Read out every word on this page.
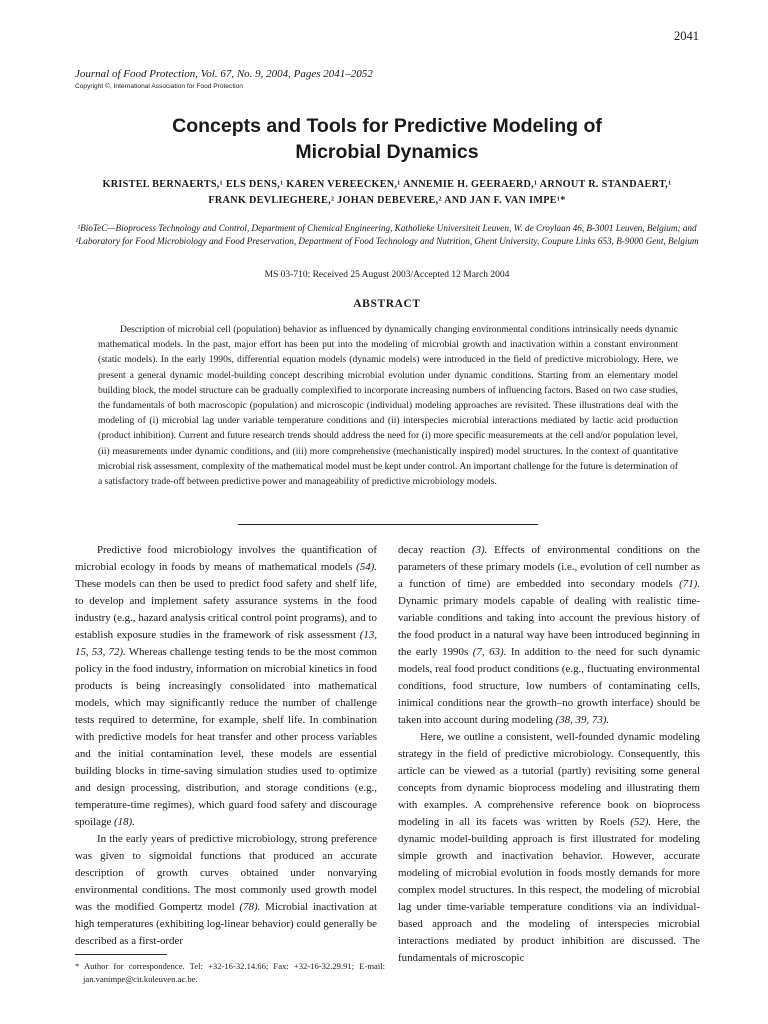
2041
Journal of Food Protection, Vol. 67, No. 9, 2004, Pages 2041–2052
Copyright ©, International Association for Food Protection
Concepts and Tools for Predictive Modeling of
Microbial Dynamics
KRISTEL BERNAERTS,¹ ELS DENS,¹ KAREN VEREECKEN,¹ ANNEMIE H. GEERAERD,¹ ARNOUT R. STANDAERT,¹
FRANK DEVLIEGHERE,² JOHAN DEBEVERE,² AND JAN F. VAN IMPE¹*
¹BioTeC—Bioprocess Technology and Control, Department of Chemical Engineering, Katholieke Universiteit Leuven, W. de Croylaan 46, B-3001 Leuven, Belgium; and ²Laboratory for Food Microbiology and Food Preservation, Department of Food Technology and Nutrition, Ghent University, Coupure Links 653, B-9000 Gent, Belgium
MS 03-710: Received 25 August 2003/Accepted 12 March 2004
ABSTRACT

Description of microbial cell (population) behavior as influenced by dynamically changing environmental conditions intrinsically needs dynamic mathematical models. In the past, major effort has been put into the modeling of microbial growth and inactivation within a constant environment (static models). In the early 1990s, differential equation models (dynamic models) were introduced in the field of predictive microbiology. Here, we present a general dynamic model-building concept describing microbial evolution under dynamic conditions. Starting from an elementary model building block, the model structure can be gradually complexified to incorporate increasing numbers of influencing factors. Based on two case studies, the fundamentals of both macroscopic (population) and microscopic (individual) modeling approaches are revisited. These illustrations deal with the modeling of (i) microbial lag under variable temperature conditions and (ii) interspecies microbial interactions mediated by lactic acid production (product inhibition). Current and future research trends should address the need for (i) more specific measurements at the cell and/or population level, (ii) measurements under dynamic conditions, and (iii) more comprehensive (mechanistically inspired) model structures. In the context of quantitative microbial risk assessment, complexity of the mathematical model must be kept under control. An important challenge for the future is determination of a satisfactory trade-off between predictive power and manageability of predictive microbiology models.

Predictive food microbiology involves the quantification of microbial ecology in foods by means of mathematical models (54). These models can then be used to predict food safety and shelf life, to develop and implement safety assurance systems in the food industry (e.g., hazard analysis critical control point programs), and to establish exposure studies in the framework of risk assessment (13, 15, 53, 72). Whereas challenge testing tends to be the most common policy in the food industry, information on microbial kinetics in food products is being increasingly consolidated into mathematical models, which may significantly reduce the number of challenge tests required to determine, for example, shelf life. In combination with predictive models for heat transfer and other process variables and the initial contamination level, these models are essential building blocks in time-saving simulation studies used to optimize and design processing, distribution, and storage conditions (e.g., temperature-time regimes), which guard food safety and discourage spoilage (18).

In the early years of predictive microbiology, strong preference was given to sigmoidal functions that produced an accurate description of growth curves obtained under nonvarying environmental conditions. The most commonly used growth model was the modified Gompertz model (78). Microbial inactivation at high temperatures (exhibiting log-linear behavior) could generally be described as a first-order

decay reaction (3). Effects of environmental conditions on the parameters of these primary models (i.e., evolution of cell number as a function of time) are embedded into secondary models (71). Dynamic primary models capable of dealing with realistic time-variable conditions and taking into account the previous history of the food product in a natural way have been introduced beginning in the early 1990s (7, 63). In addition to the need for such dynamic models, real food product conditions (e.g., fluctuating environmental conditions, food structure, low numbers of contaminating cells, inimical conditions near the growth–no growth interface) should be taken into account during modeling (38, 39, 73).

Here, we outline a consistent, well-founded dynamic modeling strategy in the field of predictive microbiology. Consequently, this article can be viewed as a tutorial (partly) revisiting some general concepts from dynamic bioprocess modeling and illustrating them with examples. A comprehensive reference book on bioprocess modeling in all its facets was written by Roels (52). Here, the dynamic model-building approach is first illustrated for modeling simple growth and inactivation behavior. However, accurate modeling of microbial evolution in foods mostly demands for more complex model structures. In this respect, the modeling of microbial lag under time-variable temperature conditions via an individual-based approach and the modeling of interspecies microbial interactions mediated by product inhibition are discussed. The fundamentals of microscopic

* Author for correspondence. Tel: +32-16-32.14.66; Fax: +32-16-32.29.91; E-mail: jan.vanimpe@cit.kuleuven.ac.be.
